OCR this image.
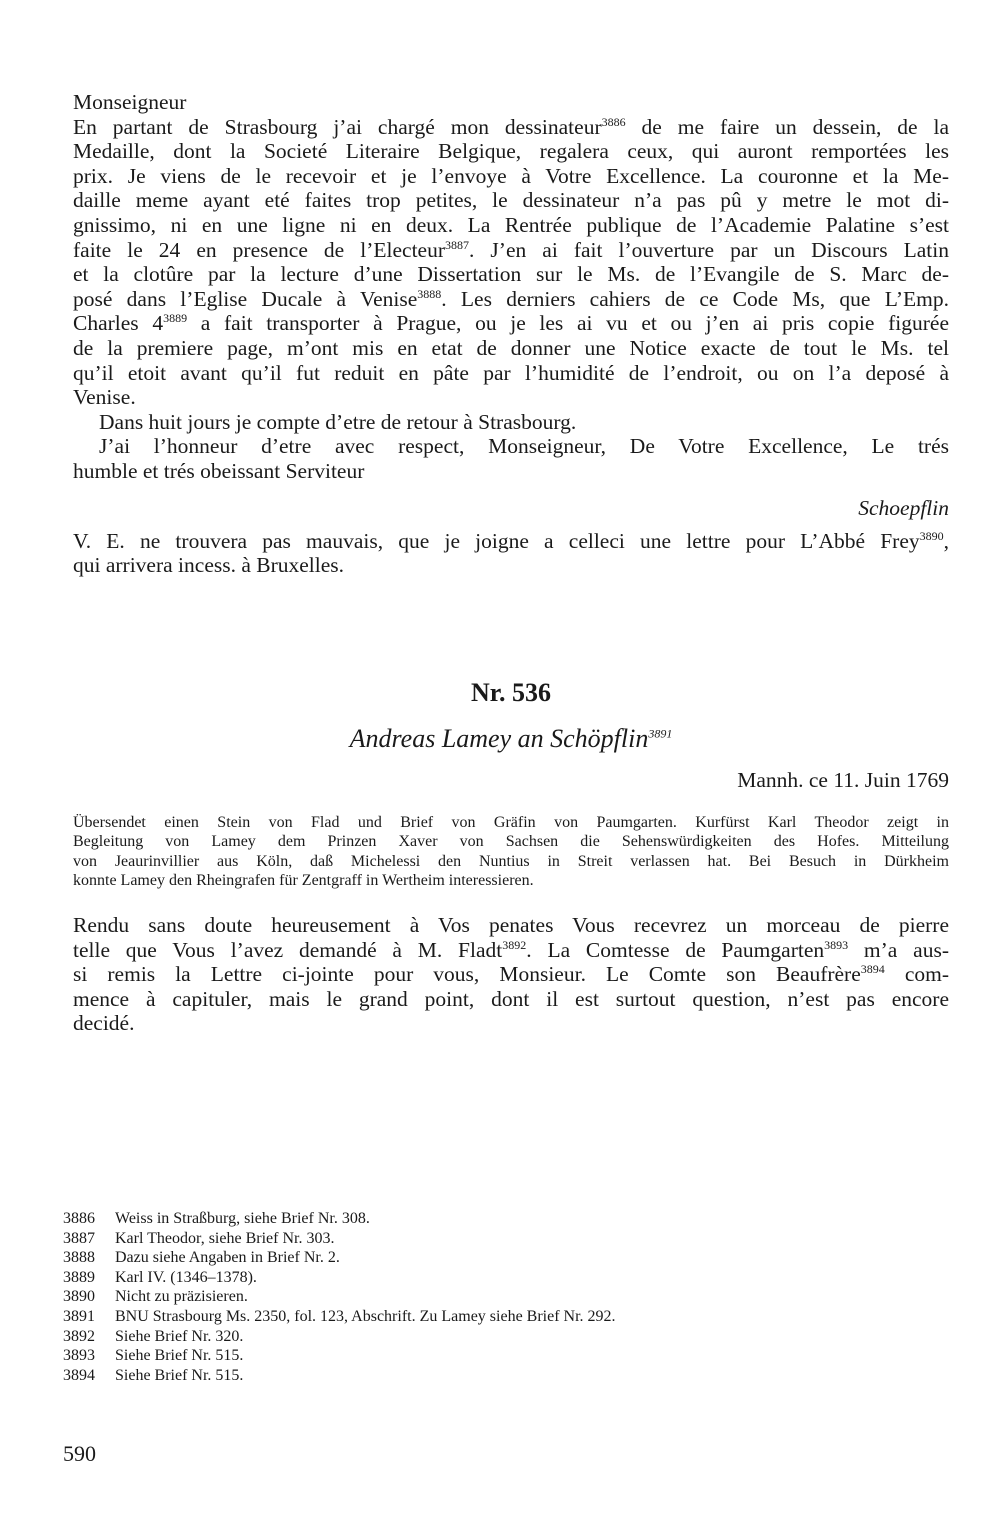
Monseigneur
En partant de Strasbourg j’ai chargé mon dessinateur$^{3886}$ de me faire un dessein, de la
Medaille, dont la Societé Literaire Belgique, regalera ceux, qui auront remportées les
prix. Je viens de le recevoir et je l’envoye à Votre Excellence. La couronne et la Me-
daille meme ayant eté faites trop petites, le dessinateur n’a pas pû y metre le mot di-
gnissimo, ni en une ligne ni en deux. La Rentrée publique de l’Academie Palatine s’est
faite le 24 en presence de l’Electeur$^{3887}$. J’en ai fait l’ouverture par un Discours Latin
et la clotûre par la lecture d’une Dissertation sur le Ms. de l’Evangile de S. Marc de-
posé dans l’Eglise Ducale à Venise$^{3888}$. Les derniers cahiers de ce Code Ms, que L’Emp.
Charles $4^{3889}$ a fait transporter à Prague, ou je les ai vu et ou j’en ai pris copie figurée
de la premiere page, m’ont mis en etat de donner une Notice exacte de tout le Ms. tel
qu’il etoit avant qu’il fut reduit en pâte par l’humidité de l’endroit, ou on l’a deposé à
Venise.
Dans huit jours je compte d’etre de retour à Strasbourg.
J’ai l’honneur d’etre avec respect, Monseigneur, De Votre Excellence, Le trés
humble et trés obeissant Serviteur
Schoepflin
V. E. ne trouvera pas mauvais, que je joigne a celleci une lettre pour L’Abbé Frey$^{3890}$,
qui arrivera incess. à Bruxelles.
Nr. 536
Andreas Lamey an Schöpflin$^{3891}$
Mannh. ce 11. Juin 1769
Übersendet einen Stein von Flad und Brief von Gräfin von Paumgarten. Kurfürst Karl Theodor zeigt in
Begleitung von Lamey dem Prinzen Xaver von Sachsen die Sehenswürdigkeiten des Hofes. Mitteilung
von Jeaurinvillier aus Köln, daß Michelessi den Nuntius in Streit verlassen hat. Bei Besuch in Dürkheim
konnte Lamey den Rheingrafen für Zentgraff in Wertheim interessieren.
Rendu sans doute heureusement à Vos penates Vous recevrez un morceau de pierre
telle que Vous l’avez demandé à M. Fladt$^{3892}$. La Comtesse de Paumgarten$^{3893}$ m’a aus-
si remis la Lettre ci-jointe pour vous, Monsieur. Le Comte son Beaufrère$^{3894}$ com-
mence à capituler, mais le grand point, dont il est surtout question, n’est pas encore
decidé.
3886	Weiss in Straßburg, siehe Brief Nr. 308.
3887	Karl Theodor, siehe Brief Nr. 303.
3888	Dazu siehe Angaben in Brief Nr. 2.
3889	Karl IV. (1346–1378).
3890	Nicht zu präzisieren.
3891	BNU Strasbourg Ms. 2350, fol. 123, Abschrift. Zu Lamey siehe Brief Nr. 292.
3892	Siehe Brief Nr. 320.
3893	Siehe Brief Nr. 515.
3894	Siehe Brief Nr. 515.
590
